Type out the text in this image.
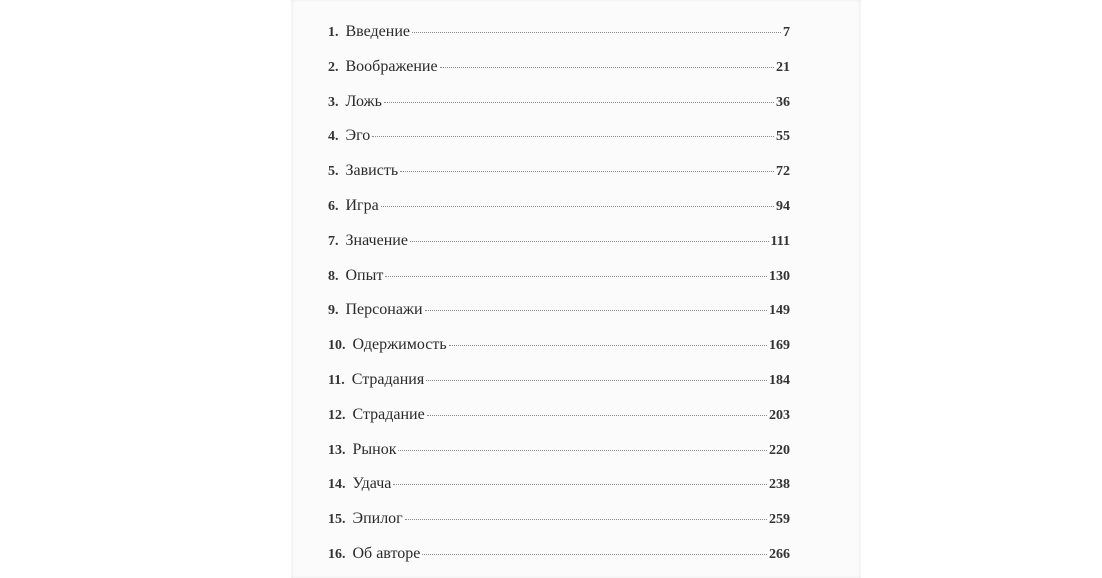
1. Введение	7
2. Воображение	21
3. Ложь	36
4. Эго	55
5. Зависть	72
6. Игра	94
7. Значение	111
8. Опыт	130
9. Персонажи	149
10. Одержимость	169
11. Страдания	184
12. Страдание	203
13. Рынок	220
14. Удача	238
15. Эпилог	259
16. Об авторе	266
